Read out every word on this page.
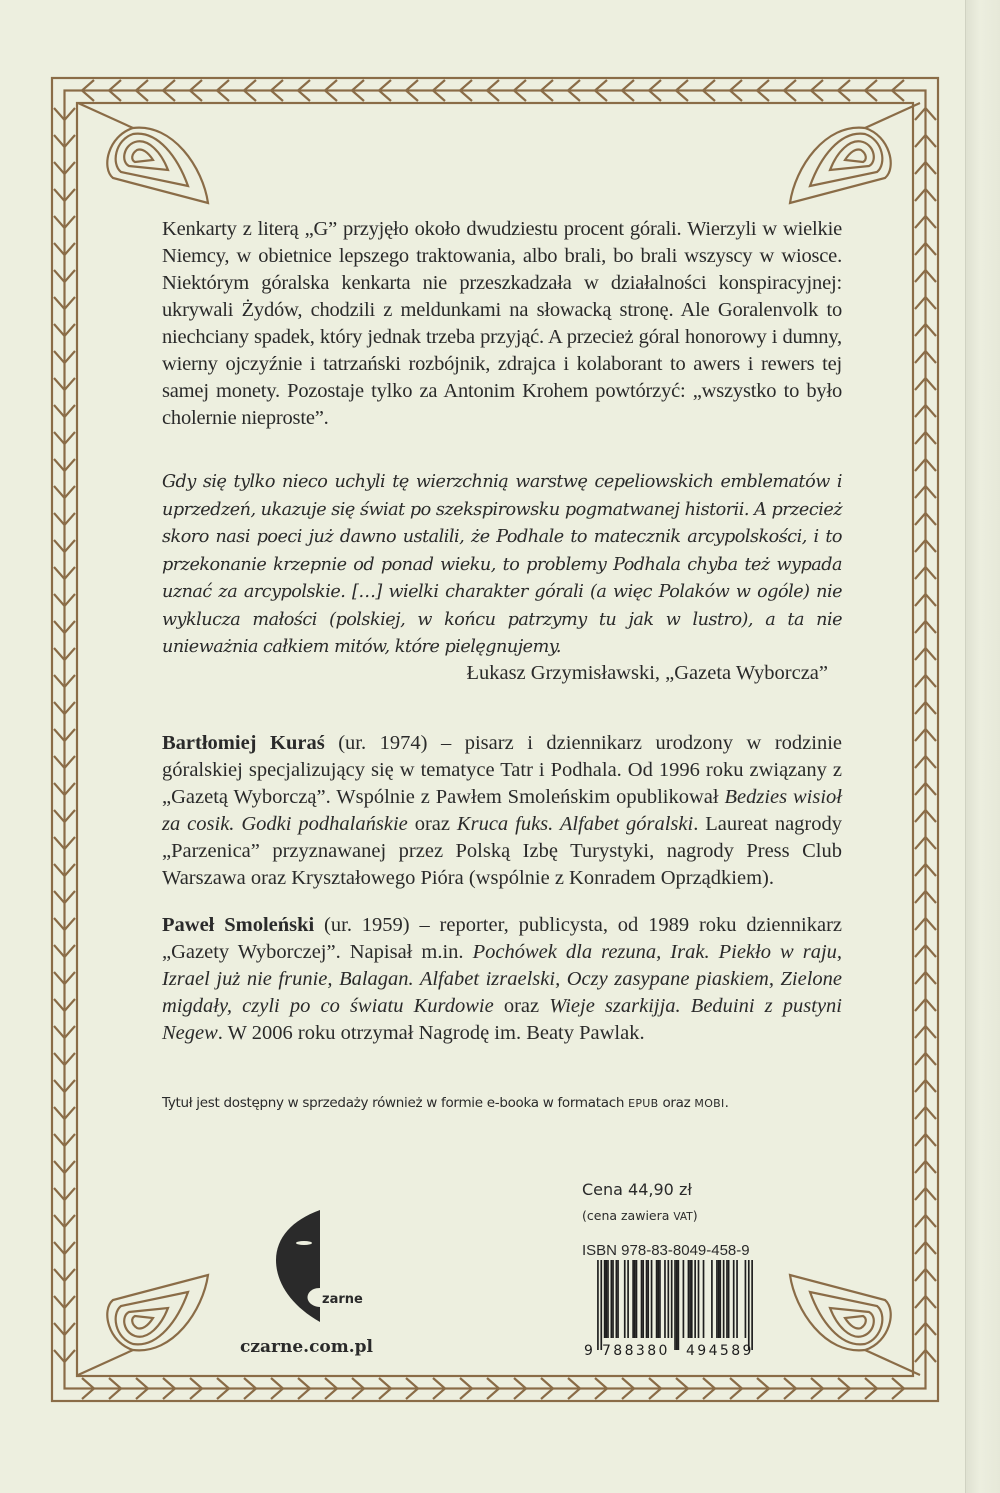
Kenkarty z literą „G” przyjęło około dwudziestu procent górali. Wierzyli w wielkie Niemcy, w obietnice lepszego traktowania, albo brali, bo brali wszyscy w wiosce. Niektórym góralska kenkarta nie przeszkadzała w działalności konspiracyjnej: ukrywali Żydów, chodzili z meldunkami na słowacką stronę. Ale Goralenvolk to niechciany spadek, który jednak trzeba przyjąć. A przecież góral honorowy i dumny, wierny ojczyźnie i tatrzański rozbójnik, zdrajca i kolaborant to awers i rewers tej samej monety. Pozostaje tylko za Antonim Krohem powtórzyć: „wszystko to było cholernie nieproste”.

Gdy się tylko nieco uchyli tę wierzchnią warstwę cepeliowskich emblematów i uprzedzeń, ukazuje się świat po szekspirowsku pogmatwanej historii. A przecież skoro nasi poeci już dawno ustalili, że Podhale to matecznik arcypolskości, i to przekonanie krzepnie od ponad wieku, to problemy Podhala chyba też wypada uznać za arcypolskie. […] wielki charakter górali (a więc Polaków w ogóle) nie wyklucza małości (polskiej, w końcu patrzymy tu jak w lustro), a ta nie unieważnia całkiem mitów, które pielęgnujemy.

Łukasz Grzymisławski, „Gazeta Wyborcza”

Bartłomiej Kuraś (ur. 1974) – pisarz i dziennikarz urodzony w rodzinie góralskiej specjalizujący się w tematyce Tatr i Podhala. Od 1996 roku związany z „Gazetą Wyborczą”. Wspólnie z Pawłem Smoleńskim opublikował Bedzies wisioł za cosik. Godki podhalańskie oraz Kruca fuks. Alfabet góralski. Laureat nagrody „Parzenica” przyznawanej przez Polską Izbę Turystyki, nagrody Press Club Warszawa oraz Kryształowego Pióra (wspólnie z Konradem Oprządkiem).

Paweł Smoleński (ur. 1959) – reporter, publicysta, od 1989 roku dziennikarz „Gazety Wyborczej”. Napisał m.in. Pochówek dla rezuna, Irak. Piekło w raju, Izrael już nie frunie, Balagan. Alfabet izraelski, Oczy zasypane piaskiem, Zielone migdały, czyli po co światu Kurdowie oraz Wieje szarkijja. Beduini z pustyni Negew. W 2006 roku otrzymał Nagrodę im. Beaty Pawlak.

Tytuł jest dostępny w sprzedaży również w formie e-booka w formatach EPUB oraz MOBI.
zarne
czarne.com.pl
Cena 44,90 zł
(cena zawiera VAT)
ISBN 978-83-8049-458-9
9 788380 494589
